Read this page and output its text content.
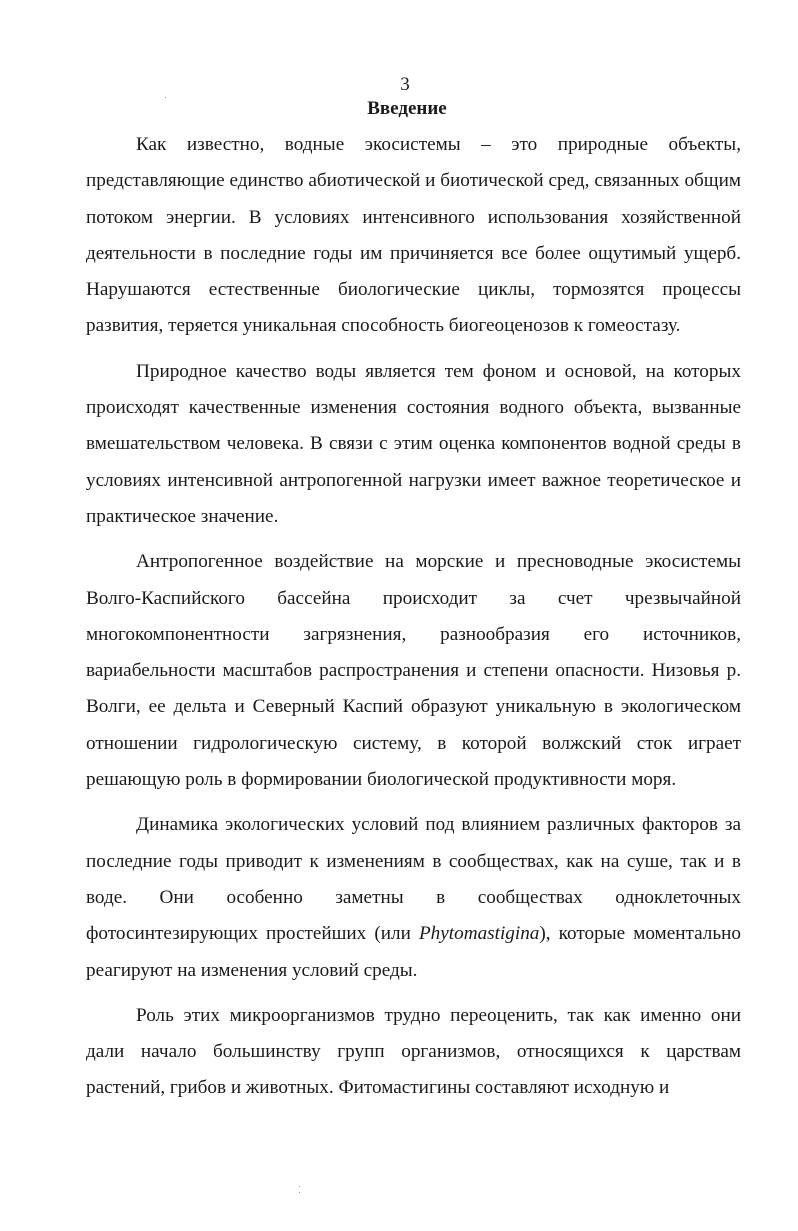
3
Введение

Как известно, водные экосистемы – это природные объекты, представляющие единство абиотической и биотической сред, связанных общим потоком энергии. В условиях интенсивного использования хозяйственной деятельности в последние годы им причиняется все более ощутимый ущерб. Нарушаются естественные биологические циклы, тормозятся процессы развития, теряется уникальная способность биогеоценозов к гомеостазу.

Природное качество воды является тем фоном и основой, на которых происходят качественные изменения состояния водного объекта, вызванные вмешательством человека. В связи с этим оценка компонентов водной среды в условиях интенсивной антропогенной нагрузки имеет важное теоретическое и практическое значение.

Антропогенное воздействие на морские и пресноводные экосистемы Волго-Каспийского бассейна происходит за счет чрезвычайной многокомпонентности загрязнения, разнообразия его источников, вариабельности масштабов распространения и степени опасности. Низовья р. Волги, ее дельта и Северный Каспий образуют уникальную в экологическом отношении гидрологическую систему, в которой волжский сток играет решающую роль в формировании биологической продуктивности моря.

Динамика экологических условий под влиянием различных факторов за последние годы приводит к изменениям в сообществах, как на суше, так и в воде. Они особенно заметны в сообществах одноклеточных фотосинтезирующих простейших (или Phytomastigina), которые моментально реагируют на изменения условий среды.

Роль этих микроорганизмов трудно переоценить, так как именно они дали начало большинству групп организмов, относящихся к царствам растений, грибов и животных. Фитомастигины составляют исходную и
